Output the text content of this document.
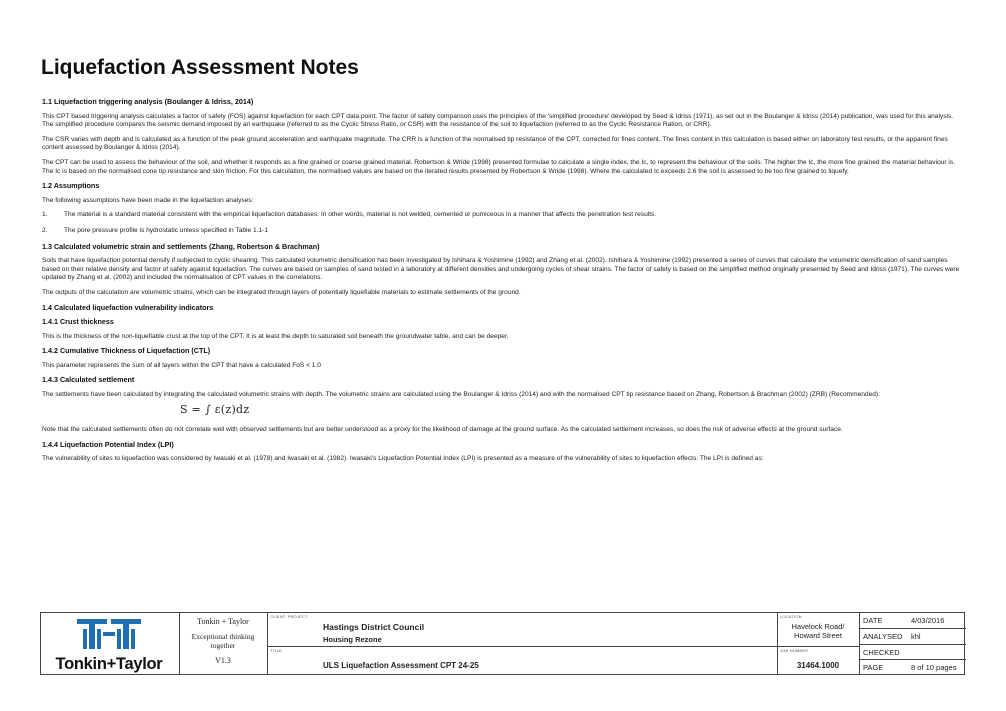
Liquefaction Assessment Notes
1.1 Liquefaction triggering analysis (Boulanger & Idriss, 2014)

This CPT based triggering analysis calculates a factor of safety (FOS) against liquefaction for each CPT data point. The factor of safety comparison uses the principles of the 'simplified procedure' developed by Seed & Idriss (1971), as set out in the Boulanger & Idriss (2014) publication, was used for this analysis. The simplified procedure compares the seismic demand imposed by an earthquake (referred to as the Cyclic Stress Ratio, or CSR) with the resistance of the soil to liquefaction (referred to as the Cyclic Resistance Ration, or CRR).

The CSR varies with depth and is calculated as a function of the peak ground acceleration and earthquake magnitude. The CRR is a function of the normalised tip resistance of the CPT, corrected for fines content. The fines content in this calculation is based either on laboratory test results, or the apparent fines content assessed by Boulanger & Idriss (2014).

The CPT can be used to assess the behaviour of the soil, and whether it responds as a fine grained or coarse grained material. Robertson & Wride (1998) presented formulae to calculate a single index, the Ic, to represent the behaviour of the soils. The higher the Ic, the more fine grained the material behaviour is. The Ic is based on the normalised cone tip resistance and skin friction. For this calculation, the normalised values are based on the iterated results presented by Robertson & Wride (1998). Where the calculated Ic exceeds 2.6 the soil is assessed to be too fine grained to liquefy.

1.2 Assumptions

The following assumptions have been made in the liquefaction analyses:

1.	The material is a standard material consistent with the empirical liquefaction databases. In other words, material is not welded, cemented or pumiceous in a manner that affects the penetration test results.
2.	The pore pressure profile is hydrostatic unless specified in Table 1.1-1
1.3 Calculated volumetric strain and settlements (Zhang, Robertson & Brachman)

Soils that have liquefaction potential densify if subjected to cyclic shearing. This calculated volumetric densification has been investigated by Ishihara & Yoshimine (1992) and Zhang et al. (2002). Ishihara & Yoshimine (1992) presented a series of curves that calculate the volumetric densification of sand samples based on their relative density and factor of safety against liquefaction. The curves are based on samples of sand tested in a laboratory at different densities and undergoing cycles of shear strains. The factor of safety is based on the simplified method originally presented by Seed and Idriss (1971). The curves were updated by Zhang et al. (2002) and included the normalisation of CPT values in the correlations.

The outputs of the calculation are volumetric strains, which can be integrated through layers of potentially liquefiable materials to estimate settlements of the ground.

1.4 Calculated liquefaction vulnerability indicators
1.4.1 Crust thickness

This is the thickness of the non-liquefiable crust at the top of the CPT. It is at least the depth to saturated soil beneath the groundwater table, and can be deeper.

1.4.2 Cumulative Thickness of Liquefaction (CTL)

This parameter represents the sum of all layers within the CPT that have a calculated FoS < 1.0

1.4.3 Calculated settlement

The settlements have been calculated by integrating the calculated volumetric strains with depth. The volumetric strains are calculated using the Boulanger & Idriss (2014) and with the normalised CPT tip resistance based on Zhang, Robertson & Brachman (2002) (ZRB) (Recommended):

S = ∫ ε(z)dz

Note that the calculated settlements often do not correlate well with observed settlements but are better understood as a proxy for the likelihood of damage at the ground surface. As the calculated settlement increases, so does the risk of adverse effects at the ground surface.

1.4.4 Liquefaction Potential Index (LPI)

The vulnerability of sites to liquefaction was considered by Iwasaki et al. (1978) and Iwasaki et al. (1982). Iwasaki's Liquefaction Potential Index (LPI) is presented as a measure of the vulnerability of sites to liquefaction effects. The LPI is defined as:

Tonkin+Taylor
Tonkin + Taylor
Exceptional thinking
together
V1.3
CLIENT, PROJECT
Hastings District Council
Housing Rezone
TITLE
ULS Liquefaction Assessment CPT 24-25
LOCATION
Havelock Road/
Howard Street
JOB NUMBER
31464.1000
DATE	4/03/2016
ANALYSED khl
CHECKED
PAGE	8 of 10 pages
